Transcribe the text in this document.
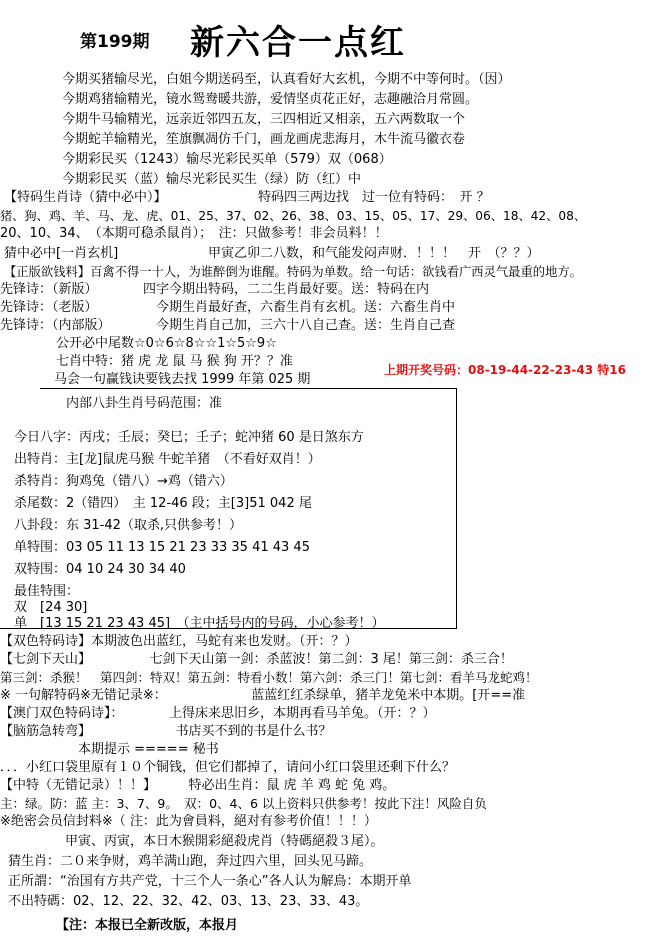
第199期 新六合一点红
今期买猪输尽光，白姐今期送码至，认真看好大玄机，今期不中等何时。（因）
今期鸡猪输精光，镜水鸳鸯暖共游，爱情坚贞花正好，志趣融洽月常圆。
今期牛马输精光，远亲近邻四五友，三四相近又相亲，五六两数取一个
今期蛇羊输精光，笙旗飘凋仿千门，画龙画虎悲海月，木牛流马徽衣卷
今期彩民买（1243）输尽光彩民买单（579）双（068）
今期彩民买（蓝）输尽光彩民买生（绿）防（红）中
【特码生肖诗（猜中必中）】	特码四三两边找　过一位有特码：　开 ？
猪、狗、鸡、羊、马、龙、虎、01、25、37、02、26、38、03、15、05、17、29、06、18、42、08、
20、10、34、　（本期可稳杀鼠肖）；　注：只做参考！非会员料！！
猜中必中[一肖玄机]	甲寅乙卯二八数，和气能发闷声财．！！！　开　（？？）
【正版欲钱料】百禽不得一十人，为谁醉倒为谁醒。特码为单数。给一句话：欲钱看广西灵气最重的地方。
先锋诗：（新版）　　　　四字今期出特码，二二生肖最好要。送：特码在内
先锋诗：（老版）　　　　　今期生肖最好查，六畜生肖有玄机。送：六畜生肖中
先锋诗：（内部版）　　　　今期生肖自己加，三六十八自己查。送：生肖自己查
公开必中尾数☆0☆6☆8☆☆1☆5☆9☆
七肖中特：猪 虎 龙 鼠 马 猴 狗 开？？准
上期开奖号码：08-19-44-22-23-43 特16
马会一句赢钱诀要钱去找 1999 年第 025 期
内部八卦生肖号码范围：准
今日八字：丙戌；壬辰；癸巳；壬子；蛇冲猪 60 是日煞东方
出特肖：主[龙]鼠虎马猴 牛蛇羊猪　（不看好双肖！）
杀特肖：狗鸡兔（错八）→鸡（错六）
杀尾数：2（错四）　主 12-46 段；主[3]51 042 尾
八卦段：东 31-42（取杀,只供参考！）
单特围：03 05 11 13 15 21 23 33 35 41 43 45
双特围：04 10 24 30 34 40
最佳特围：
双　[24 30]
单　[13 15 21 23 43 45]　（主中括号内的号码，小心参考！）
【双色特码诗】本期波色出蓝红，马蛇有来也发财。（开：？）
【七剑下天山】　　　　　七剑下天山第一剑：杀蓝波！第二剑：3 尾！第三剑：杀三合！
第三剑：杀猴！　第四剑：特双！第五剑：特看小数！第六剑：杀三门！第七剑：看羊马龙蛇鸡！
※ 一句解特码※无错记录※：　　　　　　　蓝蓝红红杀绿单，猪羊龙兔米中本期。[开==准
【澳门双色特码诗】：　　　　上得床来思旧乡，本期再看马羊兔。（开：？）
【脑筋急转弯】　　　　　　　书店买不到的书是什么书？
　　　　　　本期提示 ===== 秘书
．．．小红口袋里原有１０个铜钱，但它们都掉了，请问小红口袋里还剩下什么？
【中特（无错记录）！！】　　　特必出生肖：鼠 虎 羊 鸡 蛇 兔 鸡。
主：绿。防：蓝 主：3、7、9。　双：0、4、6 以上资料只供参考！按此下注！风险自负
※绝密会员信封料※（ 注：此为會員料，絕对有参考价值！！！）
　　　　　甲寅、丙寅，本日木猴開彩絕殺虎肖（特碼絕殺３尾）。
猜生肖：二０来争财，鸡羊满山跑，奔过四六里，回头见马蹄。
正所謂：“治国有方共产党，十三个人一条心”各人认为解鳥：本期开单
不出特碼：02、12、22、32、42、03、13、23、33、43。
【注：本报已全新改版，本报月
